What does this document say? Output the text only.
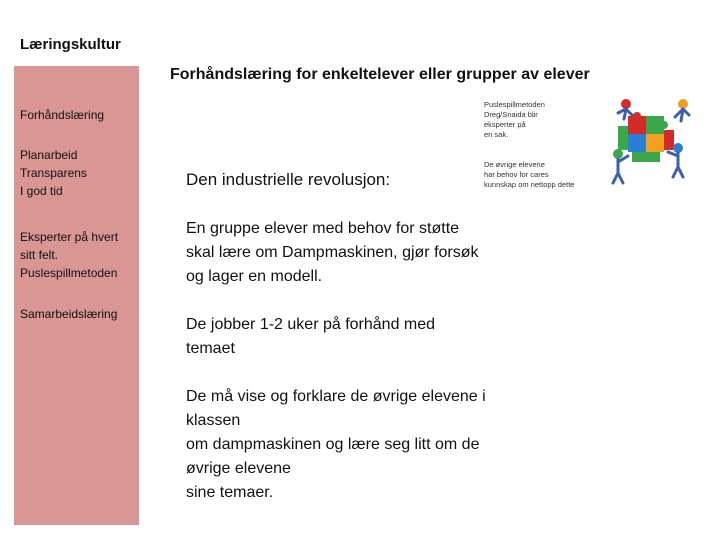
Læringskultur
Forhåndslæring for enkeltelever eller grupper av elever
Forhåndslæring
Planarbeid
Transparens
I god tid
Eksperter på hvert
sitt felt.
Puslespillmetoden
Samarbeidslæring
Den industrielle revolusjon:
En gruppe elever med behov for støtte
skal lære om Dampmaskinen, gjør forsøk
og lager en modell.
De jobber 1-2 uker på forhånd med
temaet
De må vise og forklare de øvrige elevene i
klassen
om dampmaskinen og lære seg litt om de
øvrige elevene
sine temaer.
Puslespillmetoden
Dreg/Snaida blir
eksperter på
en sak.
De øvrige elevene
har behov for cares
kunnskap om nettopp dette
